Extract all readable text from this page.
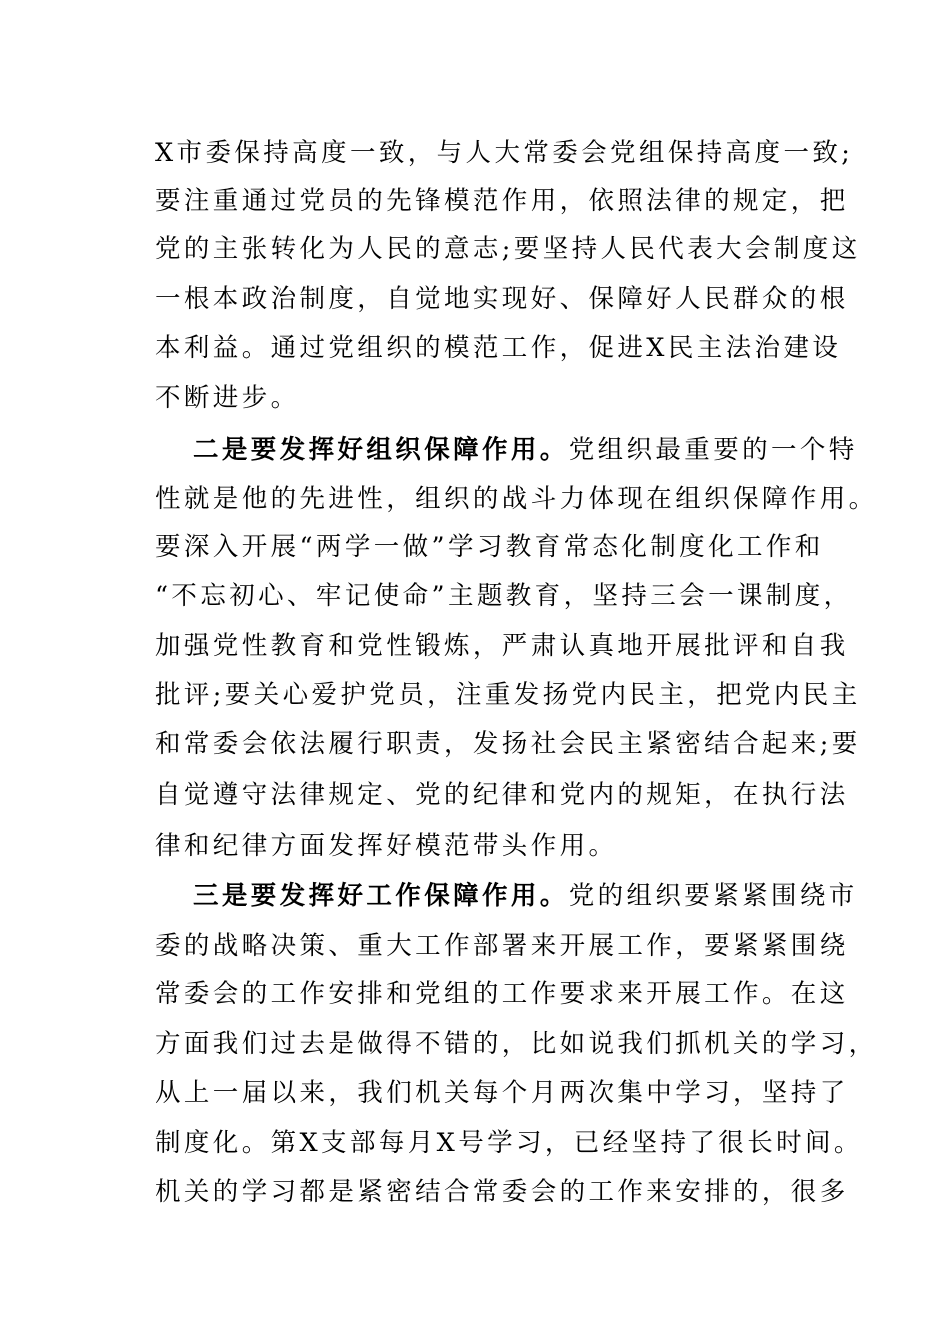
X市委保持高度一致，与人大常委会党组保持高度一致;
要注重通过党员的先锋模范作用，依照法律的规定，把
党的主张转化为人民的意志;要坚持人民代表大会制度这
一根本政治制度，自觉地实现好、保障好人民群众的根
本利益。通过党组织的模范工作，促进X民主法治建设
不断进步。
二是要发挥好组织保障作用。党组织最重要的一个特
性就是他的先进性，组织的战斗力体现在组织保障作用。
要深入开展“两学一做”学习教育常态化制度化工作和
“不忘初心、牢记使命”主题教育，坚持三会一课制度，
加强党性教育和党性锻炼，严肃认真地开展批评和自我
批评;要关心爱护党员，注重发扬党内民主，把党内民主
和常委会依法履行职责，发扬社会民主紧密结合起来;要
自觉遵守法律规定、党的纪律和党内的规矩，在执行法
律和纪律方面发挥好模范带头作用。
三是要发挥好工作保障作用。党的组织要紧紧围绕市
委的战略决策、重大工作部署来开展工作，要紧紧围绕
常委会的工作安排和党组的工作要求来开展工作。在这
方面我们过去是做得不错的，比如说我们抓机关的学习，
从上一届以来，我们机关每个月两次集中学习，坚持了
制度化。第X支部每月X号学习，已经坚持了很长时间。
机关的学习都是紧密结合常委会的工作来安排的，很多
